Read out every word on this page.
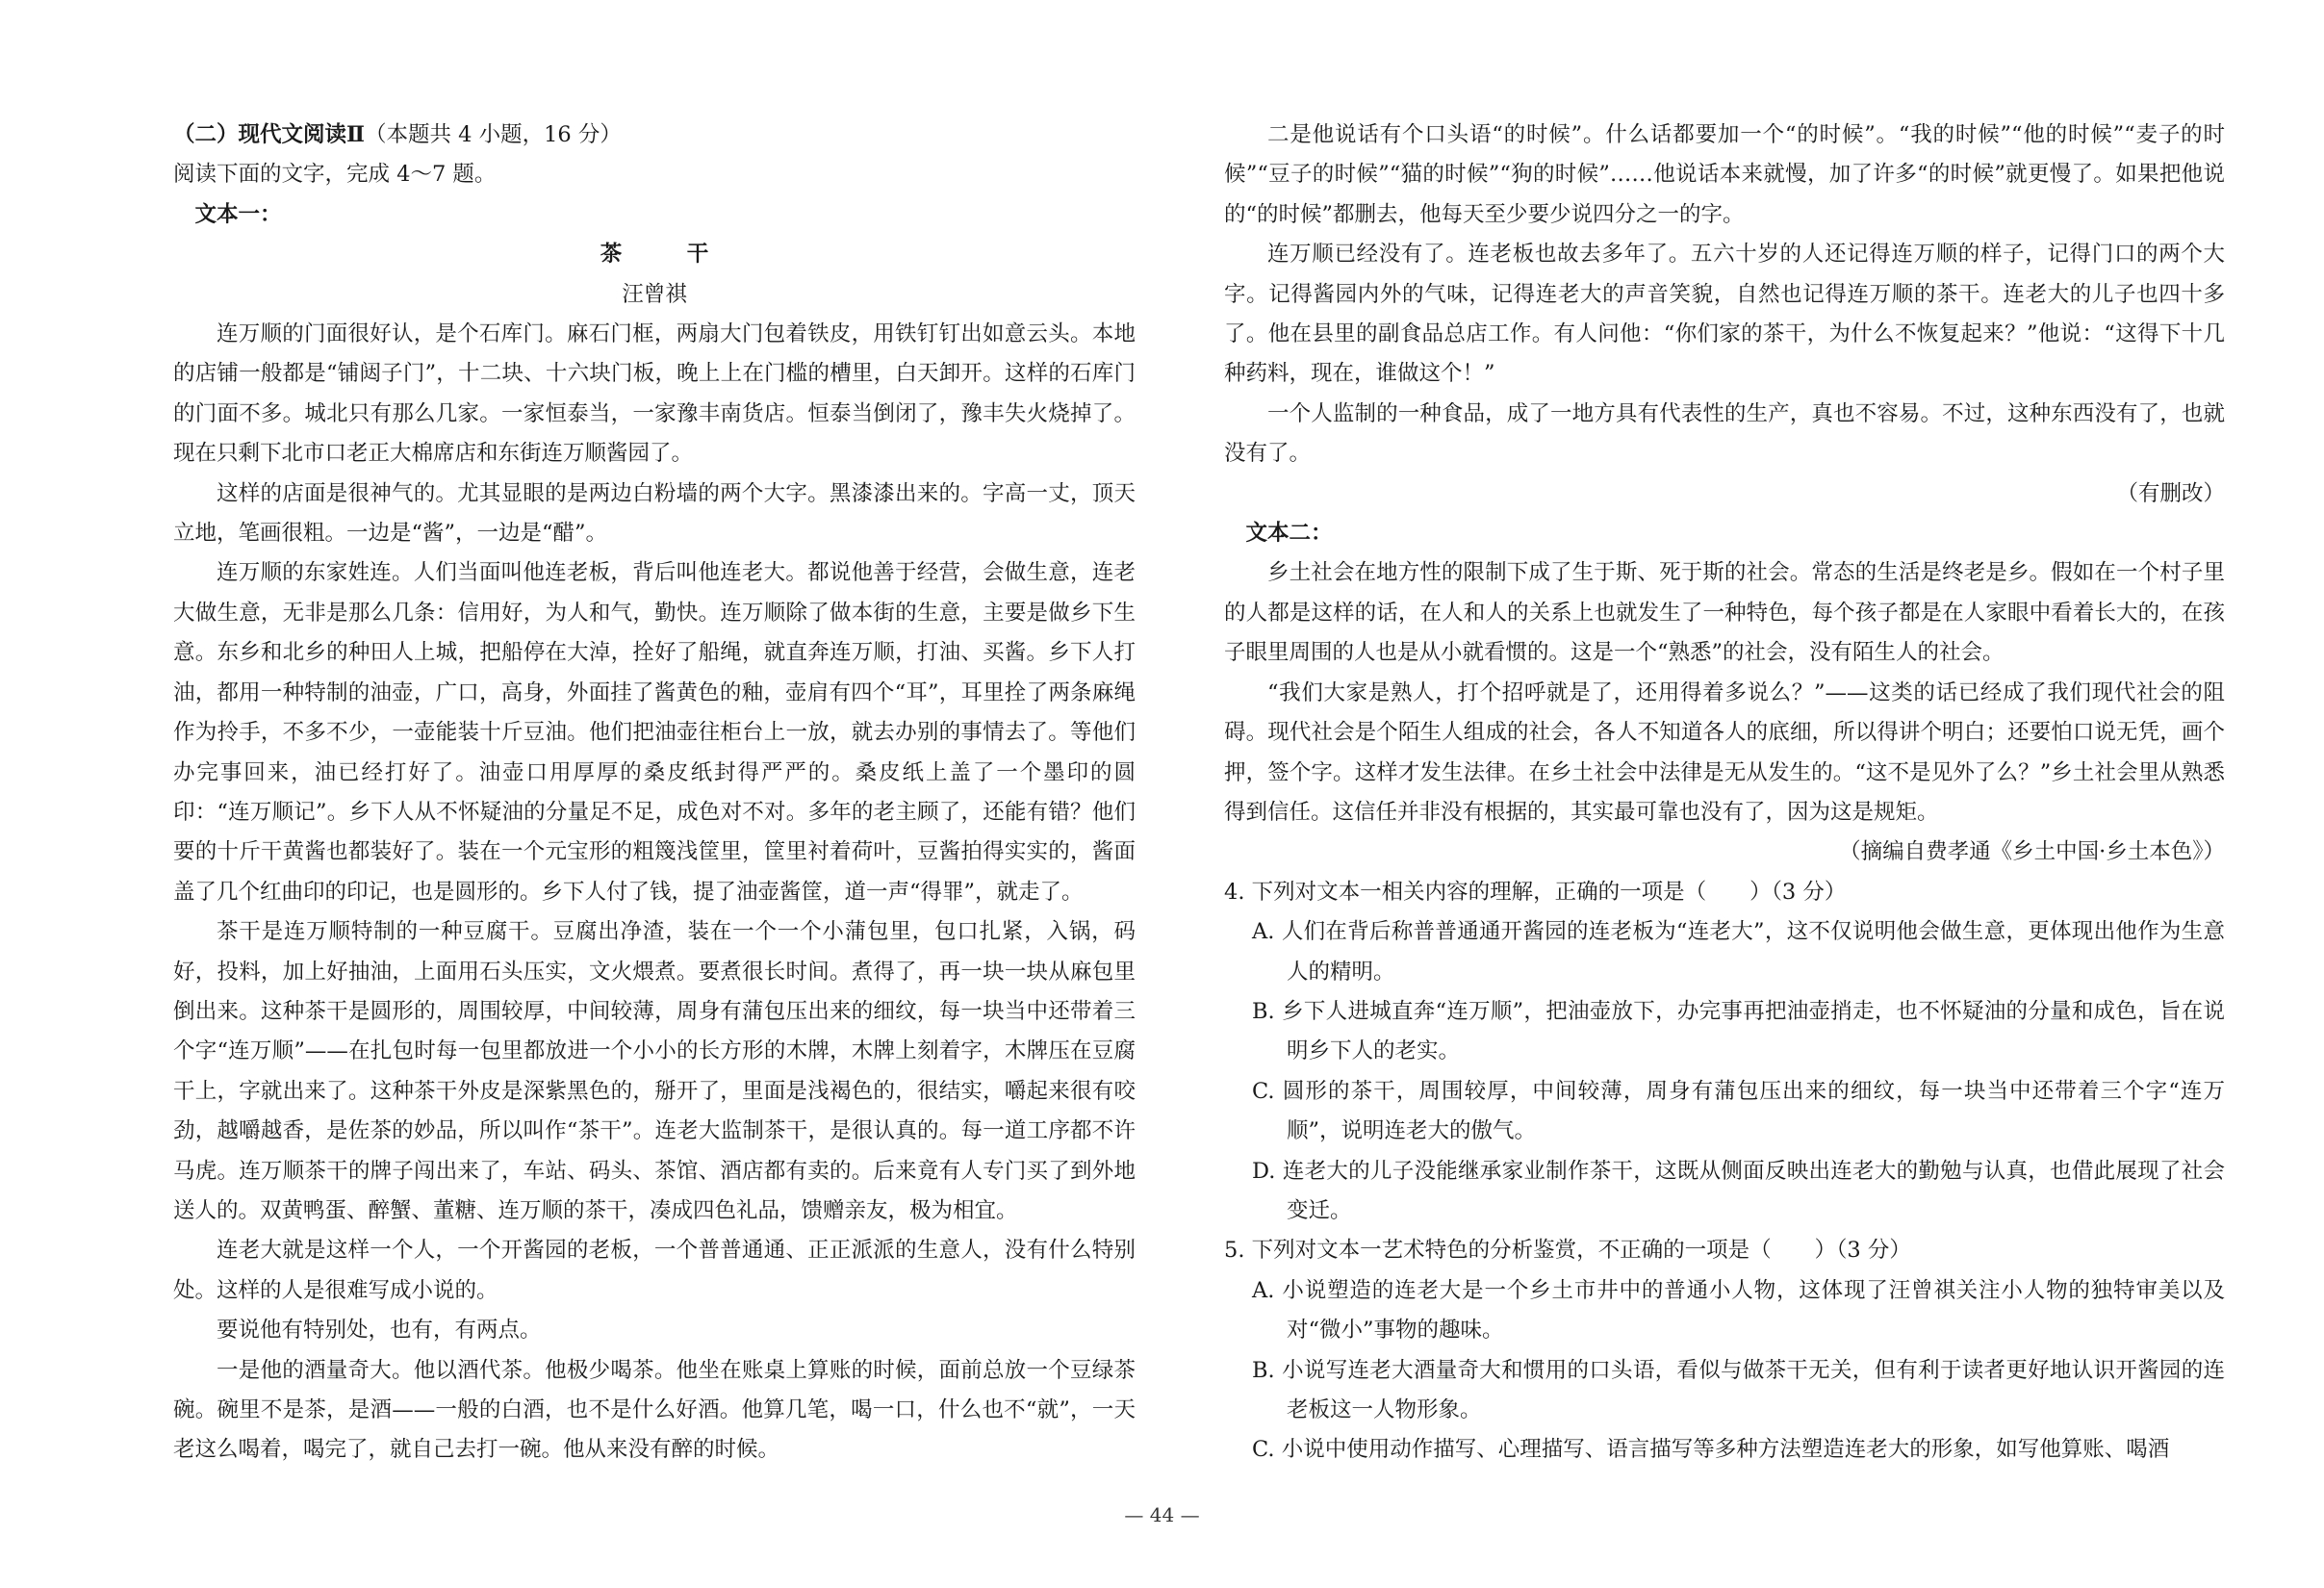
（二）现代文阅读Ⅱ（本题共 4 小题，16 分）

阅读下面的文字，完成 4～7 题。

文本一：

茶干

汪曾祺

连万顺的门面很好认，是个石库门。麻石门框，两扇大门包着铁皮，用铁钉钉出如意云头。本地的店铺一般都是“铺闼子门”，十二块、十六块门板，晚上上在门槛的槽里，白天卸开。这样的石库门的门面不多。城北只有那么几家。一家恒泰当，一家豫丰南货店。恒泰当倒闭了，豫丰失火烧掉了。现在只剩下北市口老正大棉席店和东街连万顺酱园了。

这样的店面是很神气的。尤其显眼的是两边白粉墙的两个大字。黑漆漆出来的。字高一丈，顶天立地，笔画很粗。一边是“酱”，一边是“醋”。

连万顺的东家姓连。人们当面叫他连老板，背后叫他连老大。都说他善于经营，会做生意，连老大做生意，无非是那么几条：信用好，为人和气，勤快。连万顺除了做本街的生意，主要是做乡下生意。东乡和北乡的种田人上城，把船停在大淖，拴好了船绳，就直奔连万顺，打油、买酱。乡下人打油，都用一种特制的油壶，广口，高身，外面挂了酱黄色的釉，壶肩有四个“耳”，耳里拴了两条麻绳作为拎手，不多不少，一壶能装十斤豆油。他们把油壶往柜台上一放，就去办别的事情去了。等他们办完事回来，油已经打好了。油壶口用厚厚的桑皮纸封得严严的。桑皮纸上盖了一个墨印的圆印：“连万顺记”。乡下人从不怀疑油的分量足不足，成色对不对。多年的老主顾了，还能有错？他们要的十斤干黄酱也都装好了。装在一个元宝形的粗篾浅筐里，筐里衬着荷叶，豆酱拍得实实的，酱面盖了几个红曲印的印记，也是圆形的。乡下人付了钱，提了油壶酱筐，道一声“得罪”，就走了。

茶干是连万顺特制的一种豆腐干。豆腐出净渣，装在一个一个小蒲包里，包口扎紧，入锅，码好，投料，加上好抽油，上面用石头压实，文火煨煮。要煮很长时间。煮得了，再一块一块从麻包里倒出来。这种茶干是圆形的，周围较厚，中间较薄，周身有蒲包压出来的细纹，每一块当中还带着三个字“连万顺”——在扎包时每一包里都放进一个小小的长方形的木牌，木牌上刻着字，木牌压在豆腐干上，字就出来了。这种茶干外皮是深紫黑色的，掰开了，里面是浅褐色的，很结实，嚼起来很有咬劲，越嚼越香，是佐茶的妙品，所以叫作“茶干”。连老大监制茶干，是很认真的。每一道工序都不许马虎。连万顺茶干的牌子闯出来了，车站、码头、茶馆、酒店都有卖的。后来竟有人专门买了到外地送人的。双黄鸭蛋、醉蟹、董糖、连万顺的茶干，凑成四色礼品，馈赠亲友，极为相宜。

连老大就是这样一个人，一个开酱园的老板，一个普普通通、正正派派的生意人，没有什么特别处。这样的人是很难写成小说的。

要说他有特别处，也有，有两点。

一是他的酒量奇大。他以酒代茶。他极少喝茶。他坐在账桌上算账的时候，面前总放一个豆绿茶碗。碗里不是茶，是酒——一般的白酒，也不是什么好酒。他算几笔，喝一口，什么也不“就”，一天老这么喝着，喝完了，就自己去打一碗。他从来没有醉的时候。

二是他说话有个口头语“的时候”。什么话都要加一个“的时候”。“我的时候”“他的时候”“麦子的时候”“豆子的时候”“猫的时候”“狗的时候”……他说话本来就慢，加了许多“的时候”就更慢了。如果把他说的“的时候”都删去，他每天至少要少说四分之一的字。

连万顺已经没有了。连老板也故去多年了。五六十岁的人还记得连万顺的样子，记得门口的两个大字。记得酱园内外的气味，记得连老大的声音笑貌，自然也记得连万顺的茶干。连老大的儿子也四十多了。他在县里的副食品总店工作。有人问他：“你们家的茶干，为什么不恢复起来？”他说：“这得下十几种药料，现在，谁做这个！”

一个人监制的一种食品，成了一地方具有代表性的生产，真也不容易。不过，这种东西没有了，也就没有了。

（有删改）

文本二：

乡土社会在地方性的限制下成了生于斯、死于斯的社会。常态的生活是终老是乡。假如在一个村子里的人都是这样的话，在人和人的关系上也就发生了一种特色，每个孩子都是在人家眼中看着长大的，在孩子眼里周围的人也是从小就看惯的。这是一个“熟悉”的社会，没有陌生人的社会。

“我们大家是熟人，打个招呼就是了，还用得着多说么？”——这类的话已经成了我们现代社会的阻碍。现代社会是个陌生人组成的社会，各人不知道各人的底细，所以得讲个明白；还要怕口说无凭，画个押，签个字。这样才发生法律。在乡土社会中法律是无从发生的。“这不是见外了么？”乡土社会里从熟悉得到信任。这信任并非没有根据的，其实最可靠也没有了，因为这是规矩。

（摘编自费孝通《乡土中国·乡土本色》）

4. 下列对文本一相关内容的理解，正确的一项是（　　）（3 分）

A. 人们在背后称普普通通开酱园的连老板为“连老大”，这不仅说明他会做生意，更体现出他作为生意人的精明。

B. 乡下人进城直奔“连万顺”，把油壶放下，办完事再把油壶捎走，也不怀疑油的分量和成色，旨在说明乡下人的老实。

C. 圆形的茶干，周围较厚，中间较薄，周身有蒲包压出来的细纹，每一块当中还带着三个字“连万顺”，说明连老大的傲气。

D. 连老大的儿子没能继承家业制作茶干，这既从侧面反映出连老大的勤勉与认真，也借此展现了社会变迁。

5. 下列对文本一艺术特色的分析鉴赏，不正确的一项是（　　）（3 分）

A. 小说塑造的连老大是一个乡土市井中的普通小人物，这体现了汪曾祺关注小人物的独特审美以及对“微小”事物的趣味。

B. 小说写连老大酒量奇大和惯用的口头语，看似与做茶干无关，但有利于读者更好地认识开酱园的连老板这一人物形象。

C. 小说中使用动作描写、心理描写、语言描写等多种方法塑造连老大的形象，如写他算账、喝酒

— 44 —
